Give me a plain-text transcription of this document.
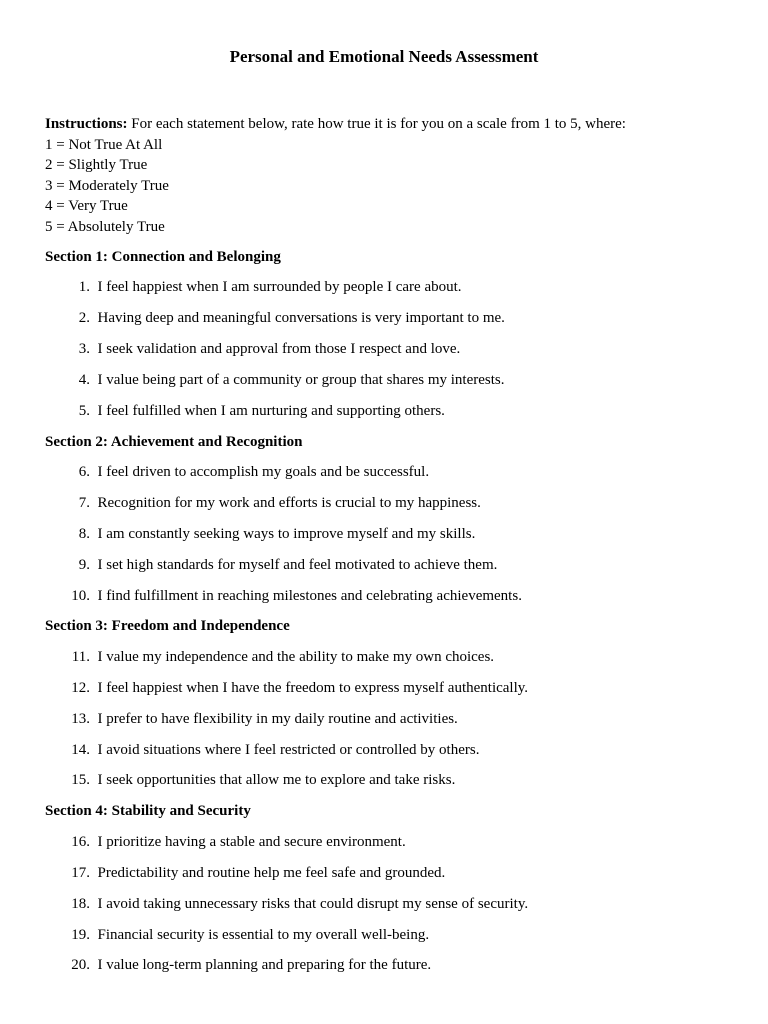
Personal and Emotional Needs Assessment
Instructions: For each statement below, rate how true it is for you on a scale from 1 to 5, where:
1 = Not True At All
2 = Slightly True
3 = Moderately True
4 = Very True
5 = Absolutely True
Section 1: Connection and Belonging
1. I feel happiest when I am surrounded by people I care about.
2. Having deep and meaningful conversations is very important to me.
3. I seek validation and approval from those I respect and love.
4. I value being part of a community or group that shares my interests.
5. I feel fulfilled when I am nurturing and supporting others.
Section 2: Achievement and Recognition
6. I feel driven to accomplish my goals and be successful.
7. Recognition for my work and efforts is crucial to my happiness.
8. I am constantly seeking ways to improve myself and my skills.
9. I set high standards for myself and feel motivated to achieve them.
10. I find fulfillment in reaching milestones and celebrating achievements.
Section 3: Freedom and Independence
11. I value my independence and the ability to make my own choices.
12. I feel happiest when I have the freedom to express myself authentically.
13. I prefer to have flexibility in my daily routine and activities.
14. I avoid situations where I feel restricted or controlled by others.
15. I seek opportunities that allow me to explore and take risks.
Section 4: Stability and Security
16. I prioritize having a stable and secure environment.
17. Predictability and routine help me feel safe and grounded.
18. I avoid taking unnecessary risks that could disrupt my sense of security.
19. Financial security is essential to my overall well-being.
20. I value long-term planning and preparing for the future.
